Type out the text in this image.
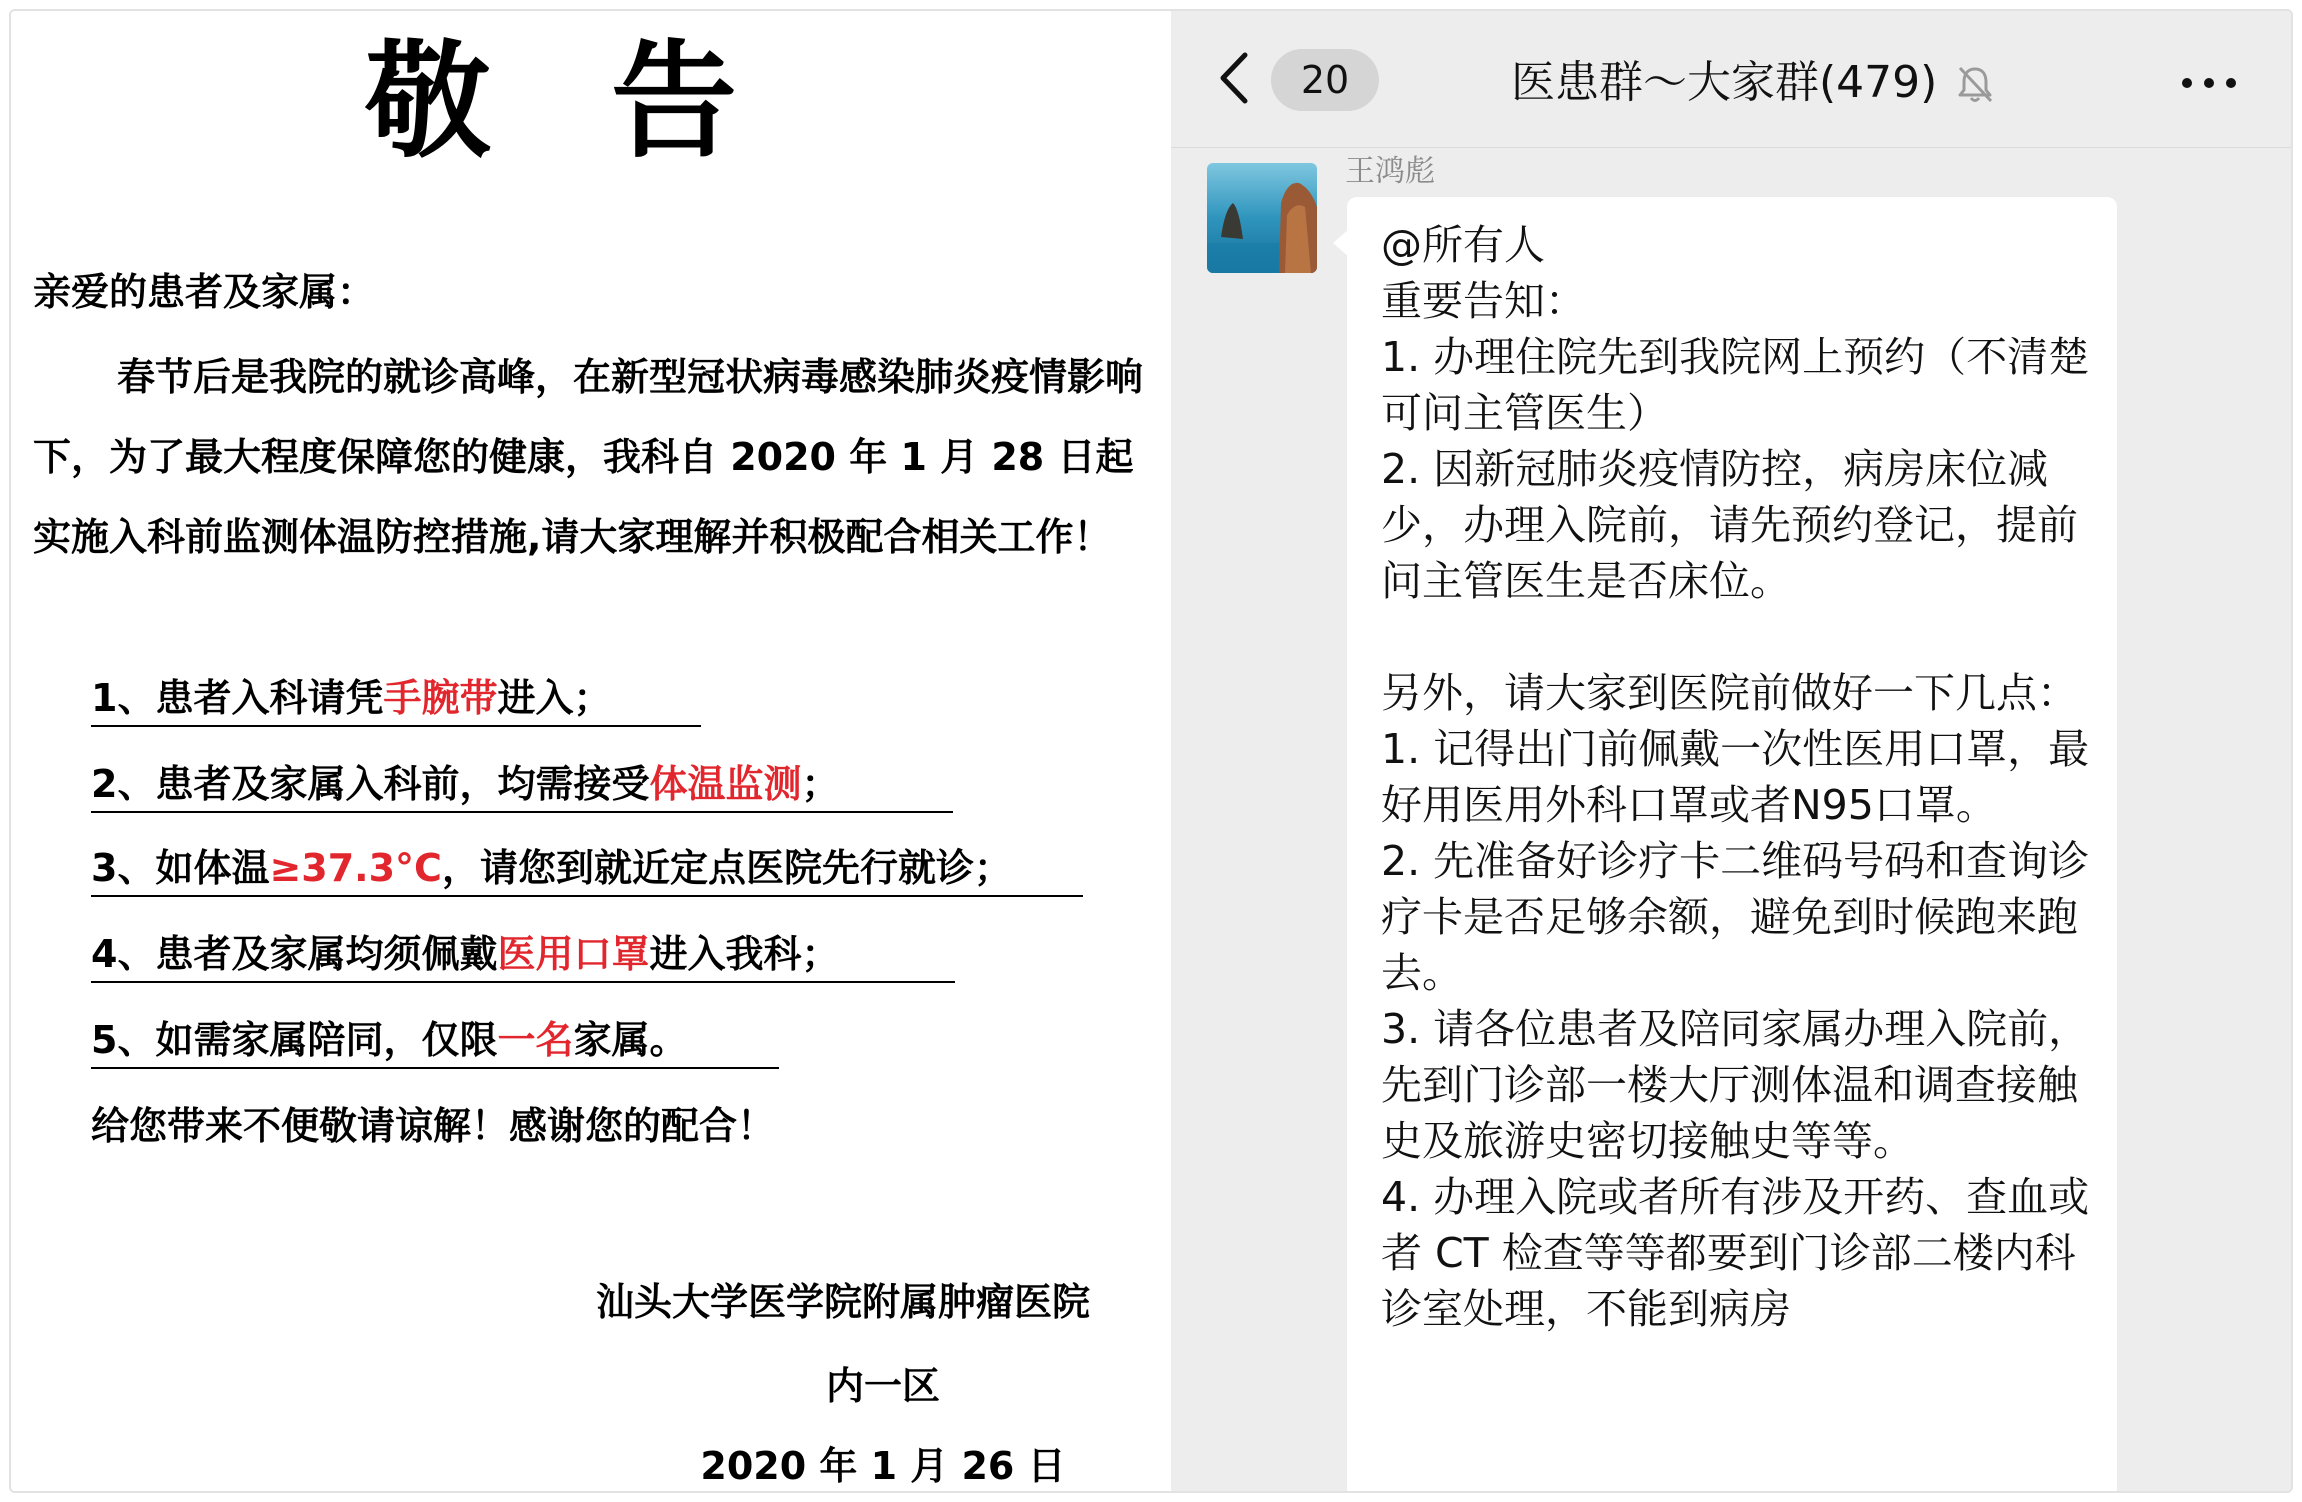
敬告
亲爱的患者及家属：
春节后是我院的就诊高峰，在新型冠状病毒感染肺炎疫情影响下，为了最大程度保障您的健康，我科自 2020 年 1 月 28 日起实施入科前监测体温防控措施,请大家理解并积极配合相关工作！
1、患者入科请凭手腕带进入；
2、患者及家属入科前，均需接受体温监测；
3、如体温≥37.3°C，请您到就近定点医院先行就诊；
4、患者及家属均须佩戴医用口罩进入我科；
5、如需家属陪同，仅限一名家属。
给您带来不便敬请谅解！感谢您的配合！
汕头大学医学院附属肿瘤医院
内一区
2020 年 1 月 26 日
20	医患群～大家群(479)
王鸿彪

@所有人
重要告知：
1. 办理住院先到我院网上预约（不清楚可问主管医生）
2. 因新冠肺炎疫情防控，病房床位减少，办理入院前，请先预约登记，提前问主管医生是否床位。

另外，请大家到医院前做好一下几点：
1. 记得出门前佩戴一次性医用口罩，最好用医用外科口罩或者N95口罩。
2. 先准备好诊疗卡二维码号码和查询诊疗卡是否足够余额，避免到时候跑来跑去。
3. 请各位患者及陪同家属办理入院前，先到门诊部一楼大厅测体温和调查接触史及旅游史密切接触史等等。
4. 办理入院或者所有涉及开药、查血或者 CT 检查等等都要到门诊部二楼内科诊室处理，不能到病房
